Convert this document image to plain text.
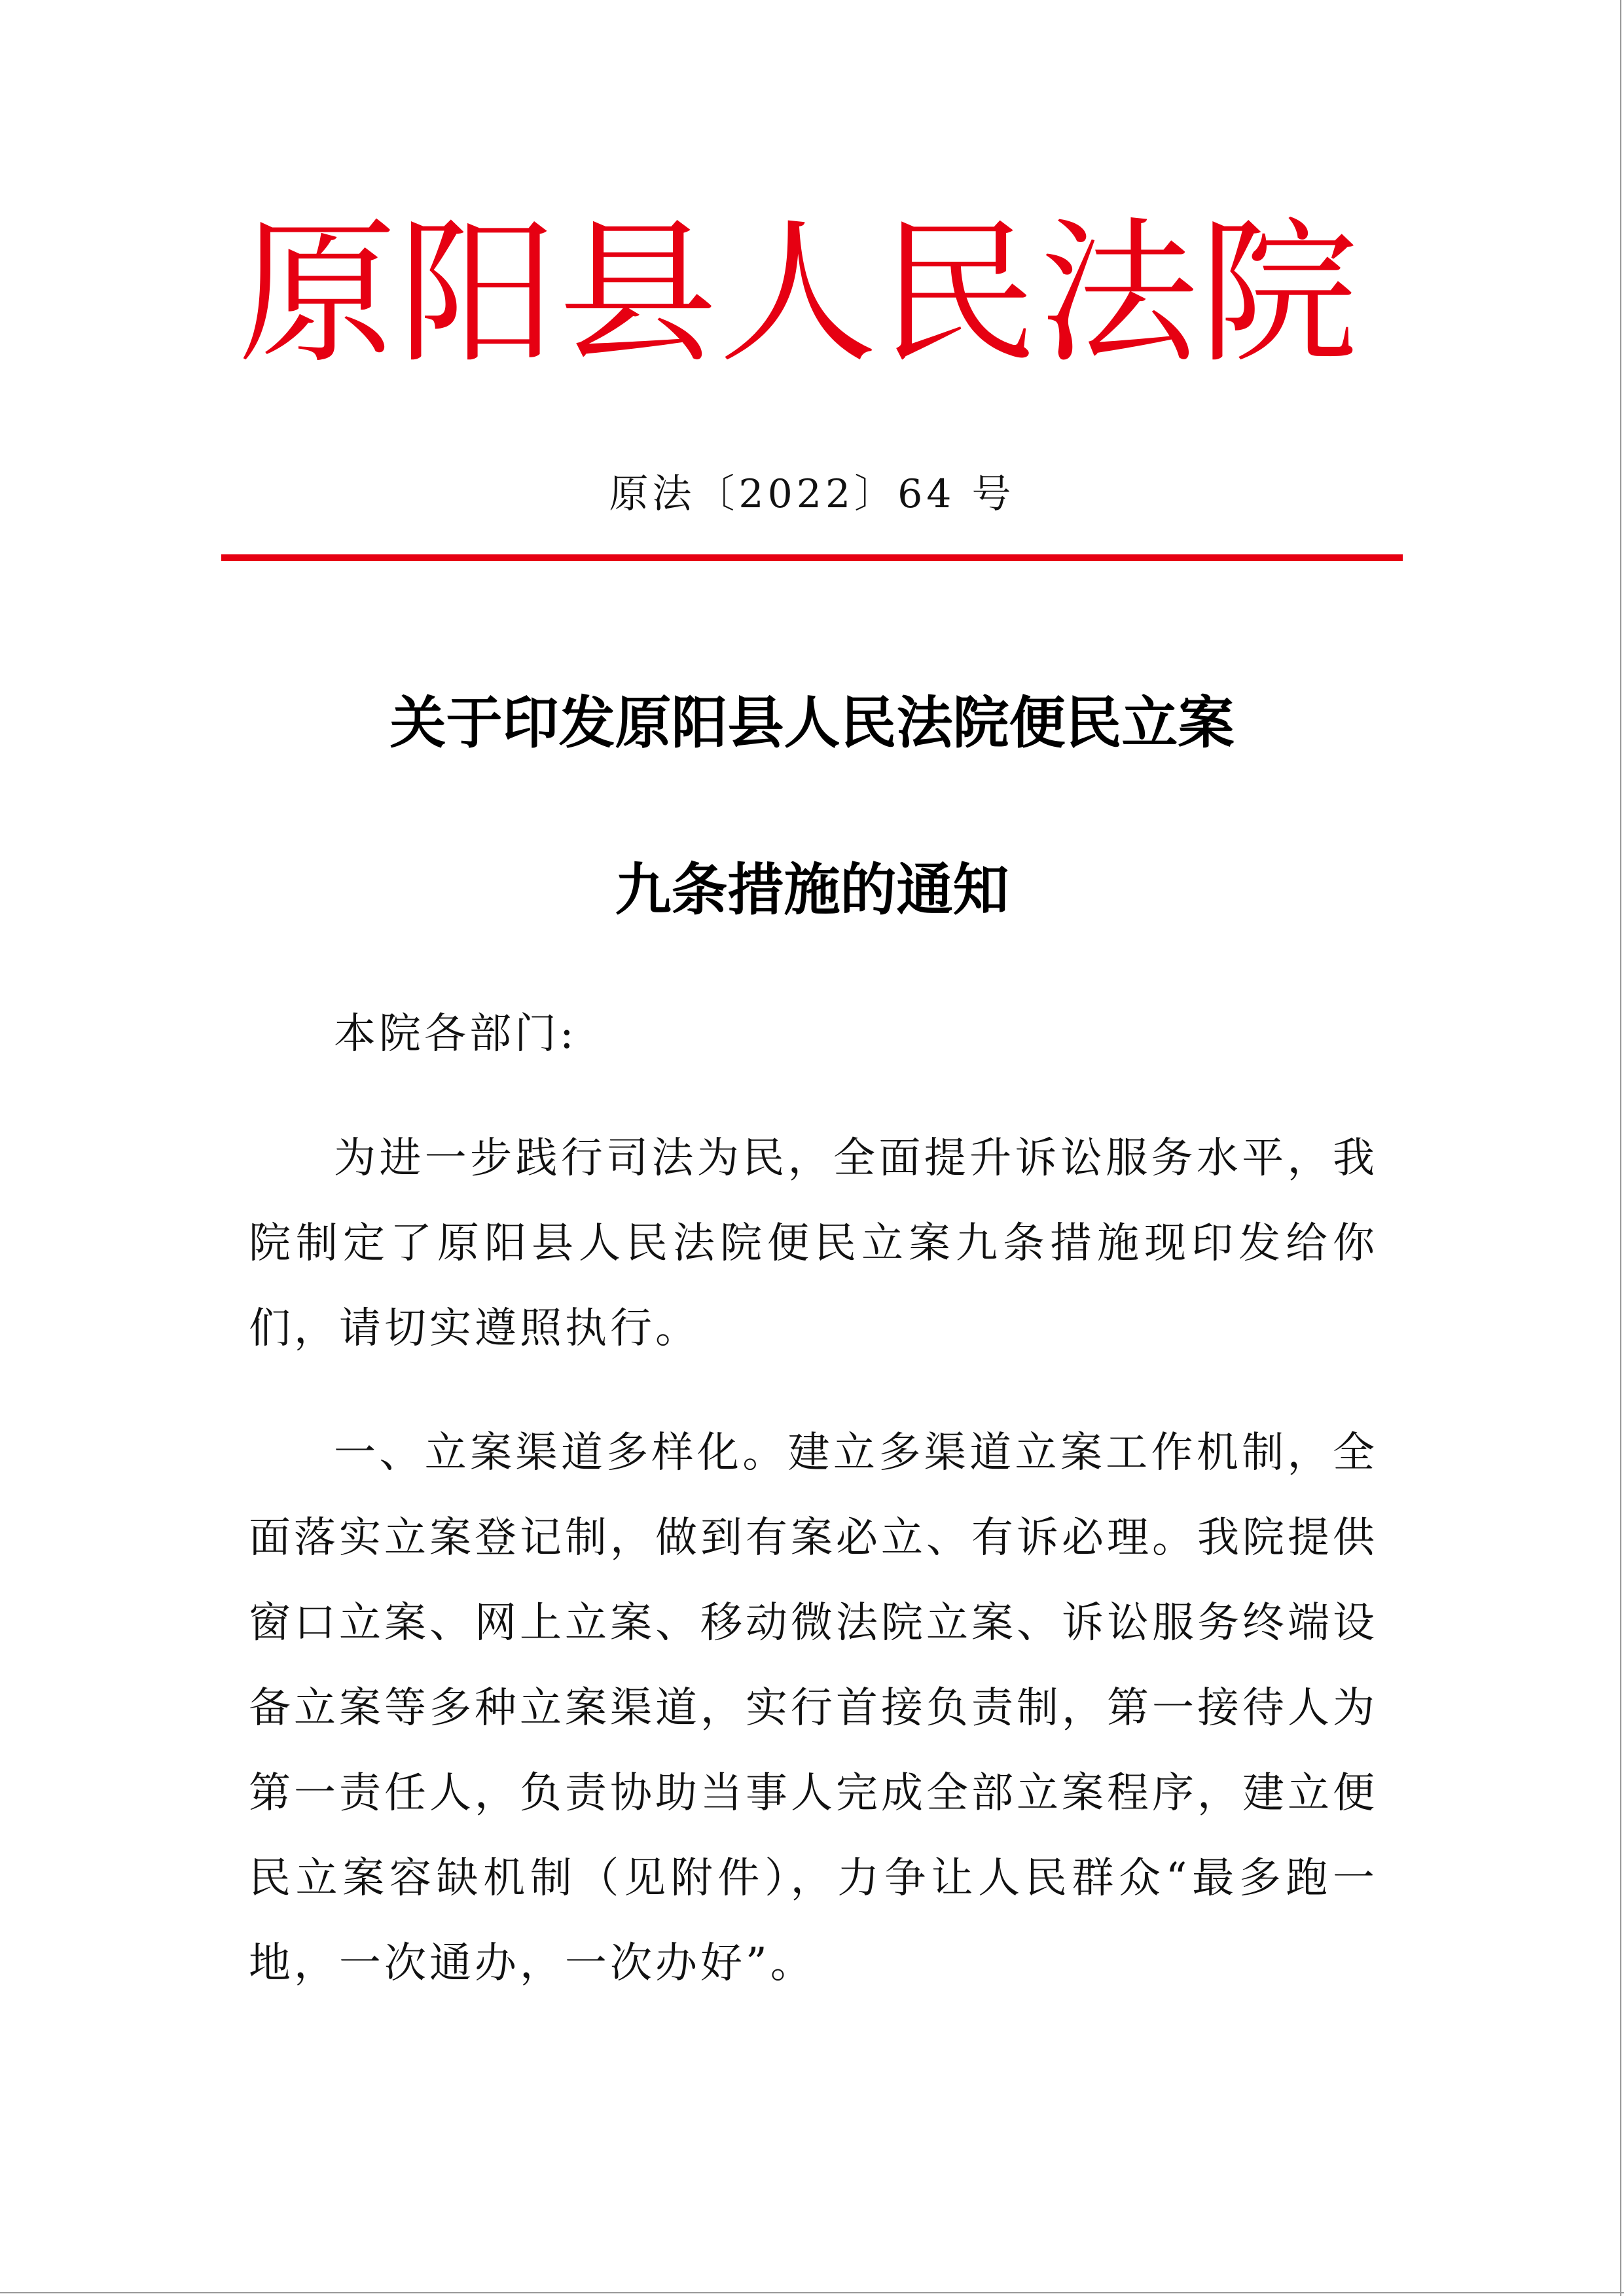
原阳县人民法院
原法〔2022〕64 号
关于印发原阳县人民法院便民立案
九条措施的通知
本院各部门:
为进一步践行司法为民，全面提升诉讼服务水平，我院制定了原阳县人民法院便民立案九条措施现印发给你们，请切实遵照执行。
一、立案渠道多样化。建立多渠道立案工作机制，全面落实立案登记制，做到有案必立、有诉必理。我院提供窗口立案、网上立案、移动微法院立案、诉讼服务终端设备立案等多种立案渠道，实行首接负责制，第一接待人为第一责任人，负责协助当事人完成全部立案程序，建立便民立案容缺机制（见附件），力争让人民群众“最多跑一地，一次通办，一次办好”。
